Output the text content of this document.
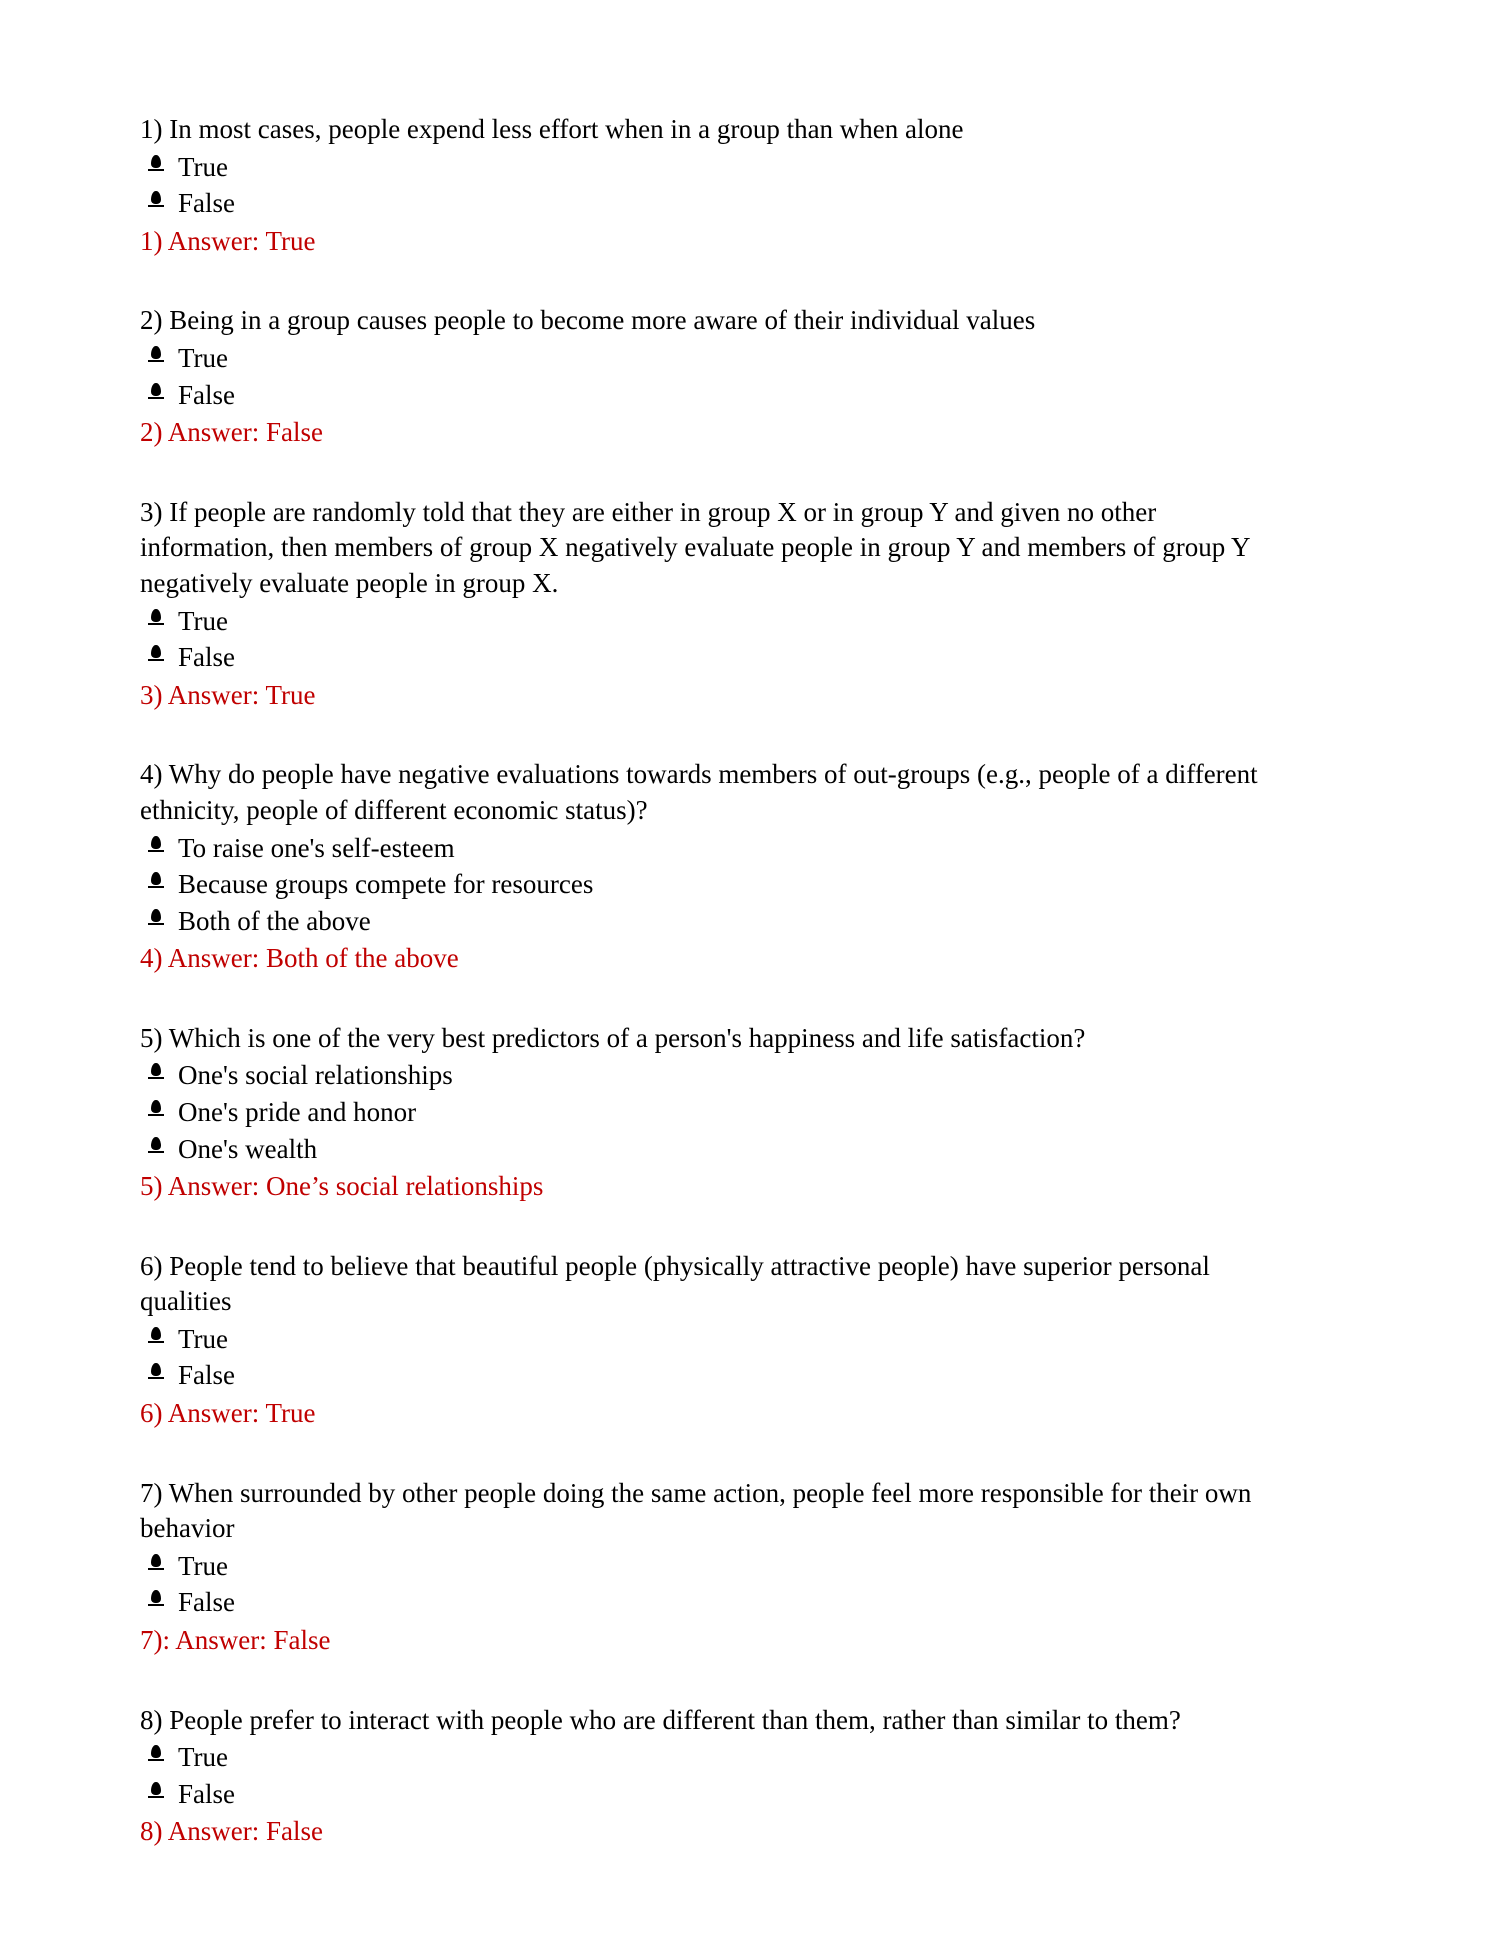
1) In most cases, people expend less effort when in a group than when alone

True
False

1) Answer: True

2) Being in a group causes people to become more aware of their individual values

True
False

2) Answer: False

3) If people are randomly told that they are either in group X or in group Y and given no other information, then members of group X negatively evaluate people in group Y and members of group Y negatively evaluate people in group X.

True
False

3) Answer: True

4) Why do people have negative evaluations towards members of out-groups (e.g., people of a different ethnicity, people of different economic status)?

To raise one's self-esteem
Because groups compete for resources
Both of the above

4) Answer: Both of the above

5) Which is one of the very best predictors of a person's happiness and life satisfaction?

One's social relationships
One's pride and honor
One's wealth

5) Answer: One’s social relationships

6) People tend to believe that beautiful people (physically attractive people) have superior personal qualities

True
False

6) Answer: True

7) When surrounded by other people doing the same action, people feel more responsible for their own behavior

True
False

7): Answer: False

8) People prefer to interact with people who are different than them, rather than similar to them?

True
False

8) Answer: False
